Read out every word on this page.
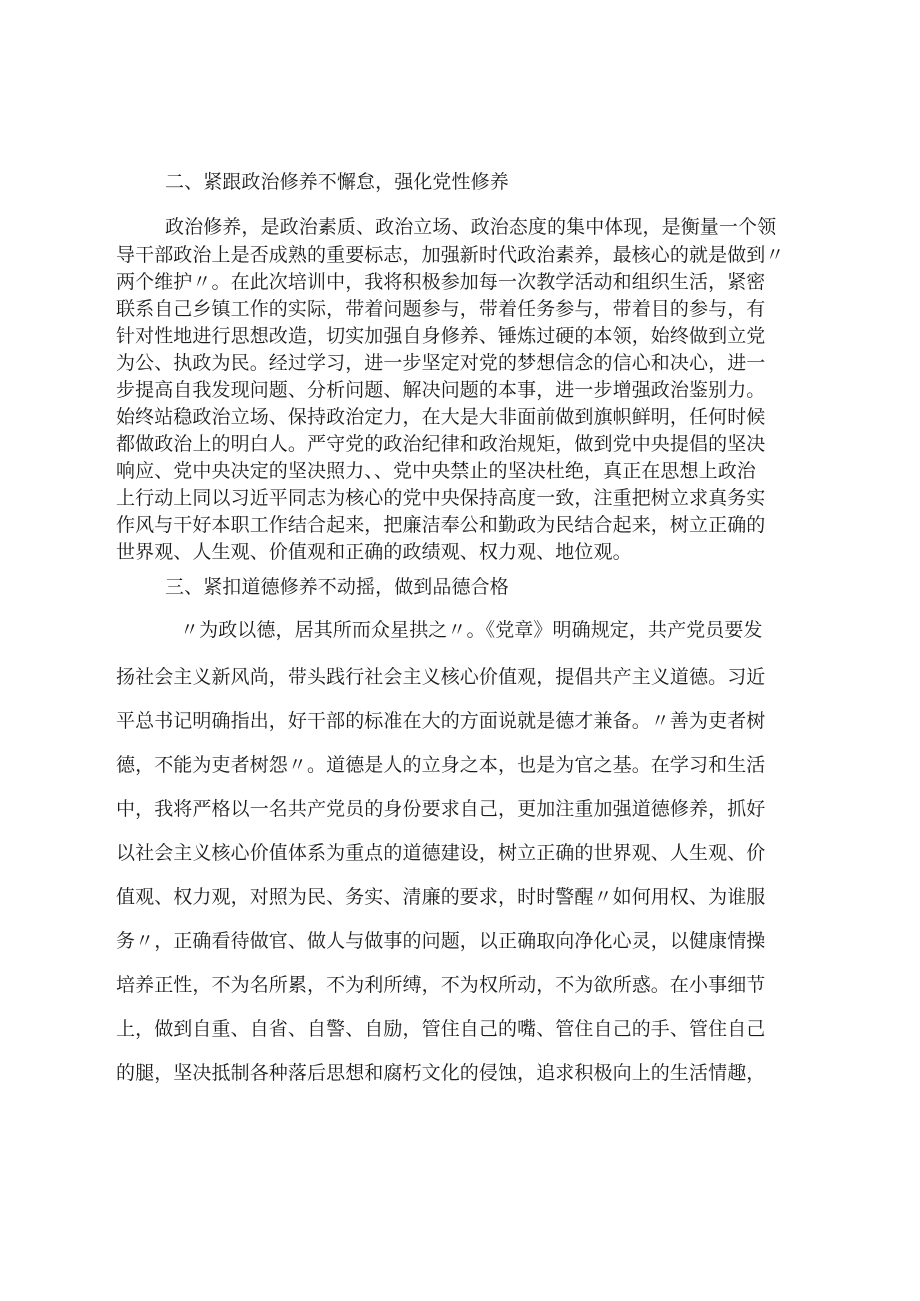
二、紧跟政治修养不懈怠，强化党性修养

政治修养，是政治素质、政治立场、政治态度的集中体现，是衡量一个领

导干部政治上是否成熟的重要标志，加强新时代政治素养，最核心的就是做到〃

两个维护〃。在此次培训中，我将积极参加每一次教学活动和组织生活，紧密

联系自己乡镇工作的实际，带着问题参与，带着任务参与，带着目的参与，有

针对性地进行思想改造，切实加强自身修养、锤炼过硬的本领，始终做到立党

为公、执政为民。经过学习，进一步坚定对党的梦想信念的信心和决心，进一

步提高自我发现问题、分析问题、解决问题的本事，进一步增强政治鉴别力。

始终站稳政治立场、保持政治定力，在大是大非面前做到旗帜鲜明，任何时候

都做政治上的明白人。严守党的政治纪律和政治规矩，做到党中央提倡的坚决

响应、党中央决定的坚决照力、、党中央禁止的坚决杜绝，真正在思想上政治

上行动上同以习近平同志为核心的党中央保持高度一致，注重把树立求真务实

作风与干好本职工作结合起来，把廉洁奉公和勤政为民结合起来，树立正确的

世界观、人生观、价值观和正确的政绩观、权力观、地位观。

三、紧扣道德修养不动摇，做到品德合格

〃为政以德，居其所而众星拱之〃。《党章》明确规定，共产党员要发

扬社会主义新风尚，带头践行社会主义核心价值观，提倡共产主义道德。习近

平总书记明确指出，好干部的标准在大的方面说就是德才兼备。〃善为吏者树

德，不能为吏者树怨〃。道德是人的立身之本，也是为官之基。在学习和生活

中，我将严格以一名共产党员的身份要求自己，更加注重加强道德修养，抓好

以社会主义核心价值体系为重点的道德建设，树立正确的世界观、人生观、价

值观、权力观，对照为民、务实、清廉的要求，时时警醒〃如何用权、为谁服

务〃，正确看待做官、做人与做事的问题，以正确取向净化心灵，以健康情操

培养正性，不为名所累，不为利所缚，不为权所动，不为欲所惑。在小事细节

上，做到自重、自省、自警、自励，管住自己的嘴、管住自己的手、管住自己

的腿，坚决抵制各种落后思想和腐朽文化的侵蚀，追求积极向上的生活情趣，
